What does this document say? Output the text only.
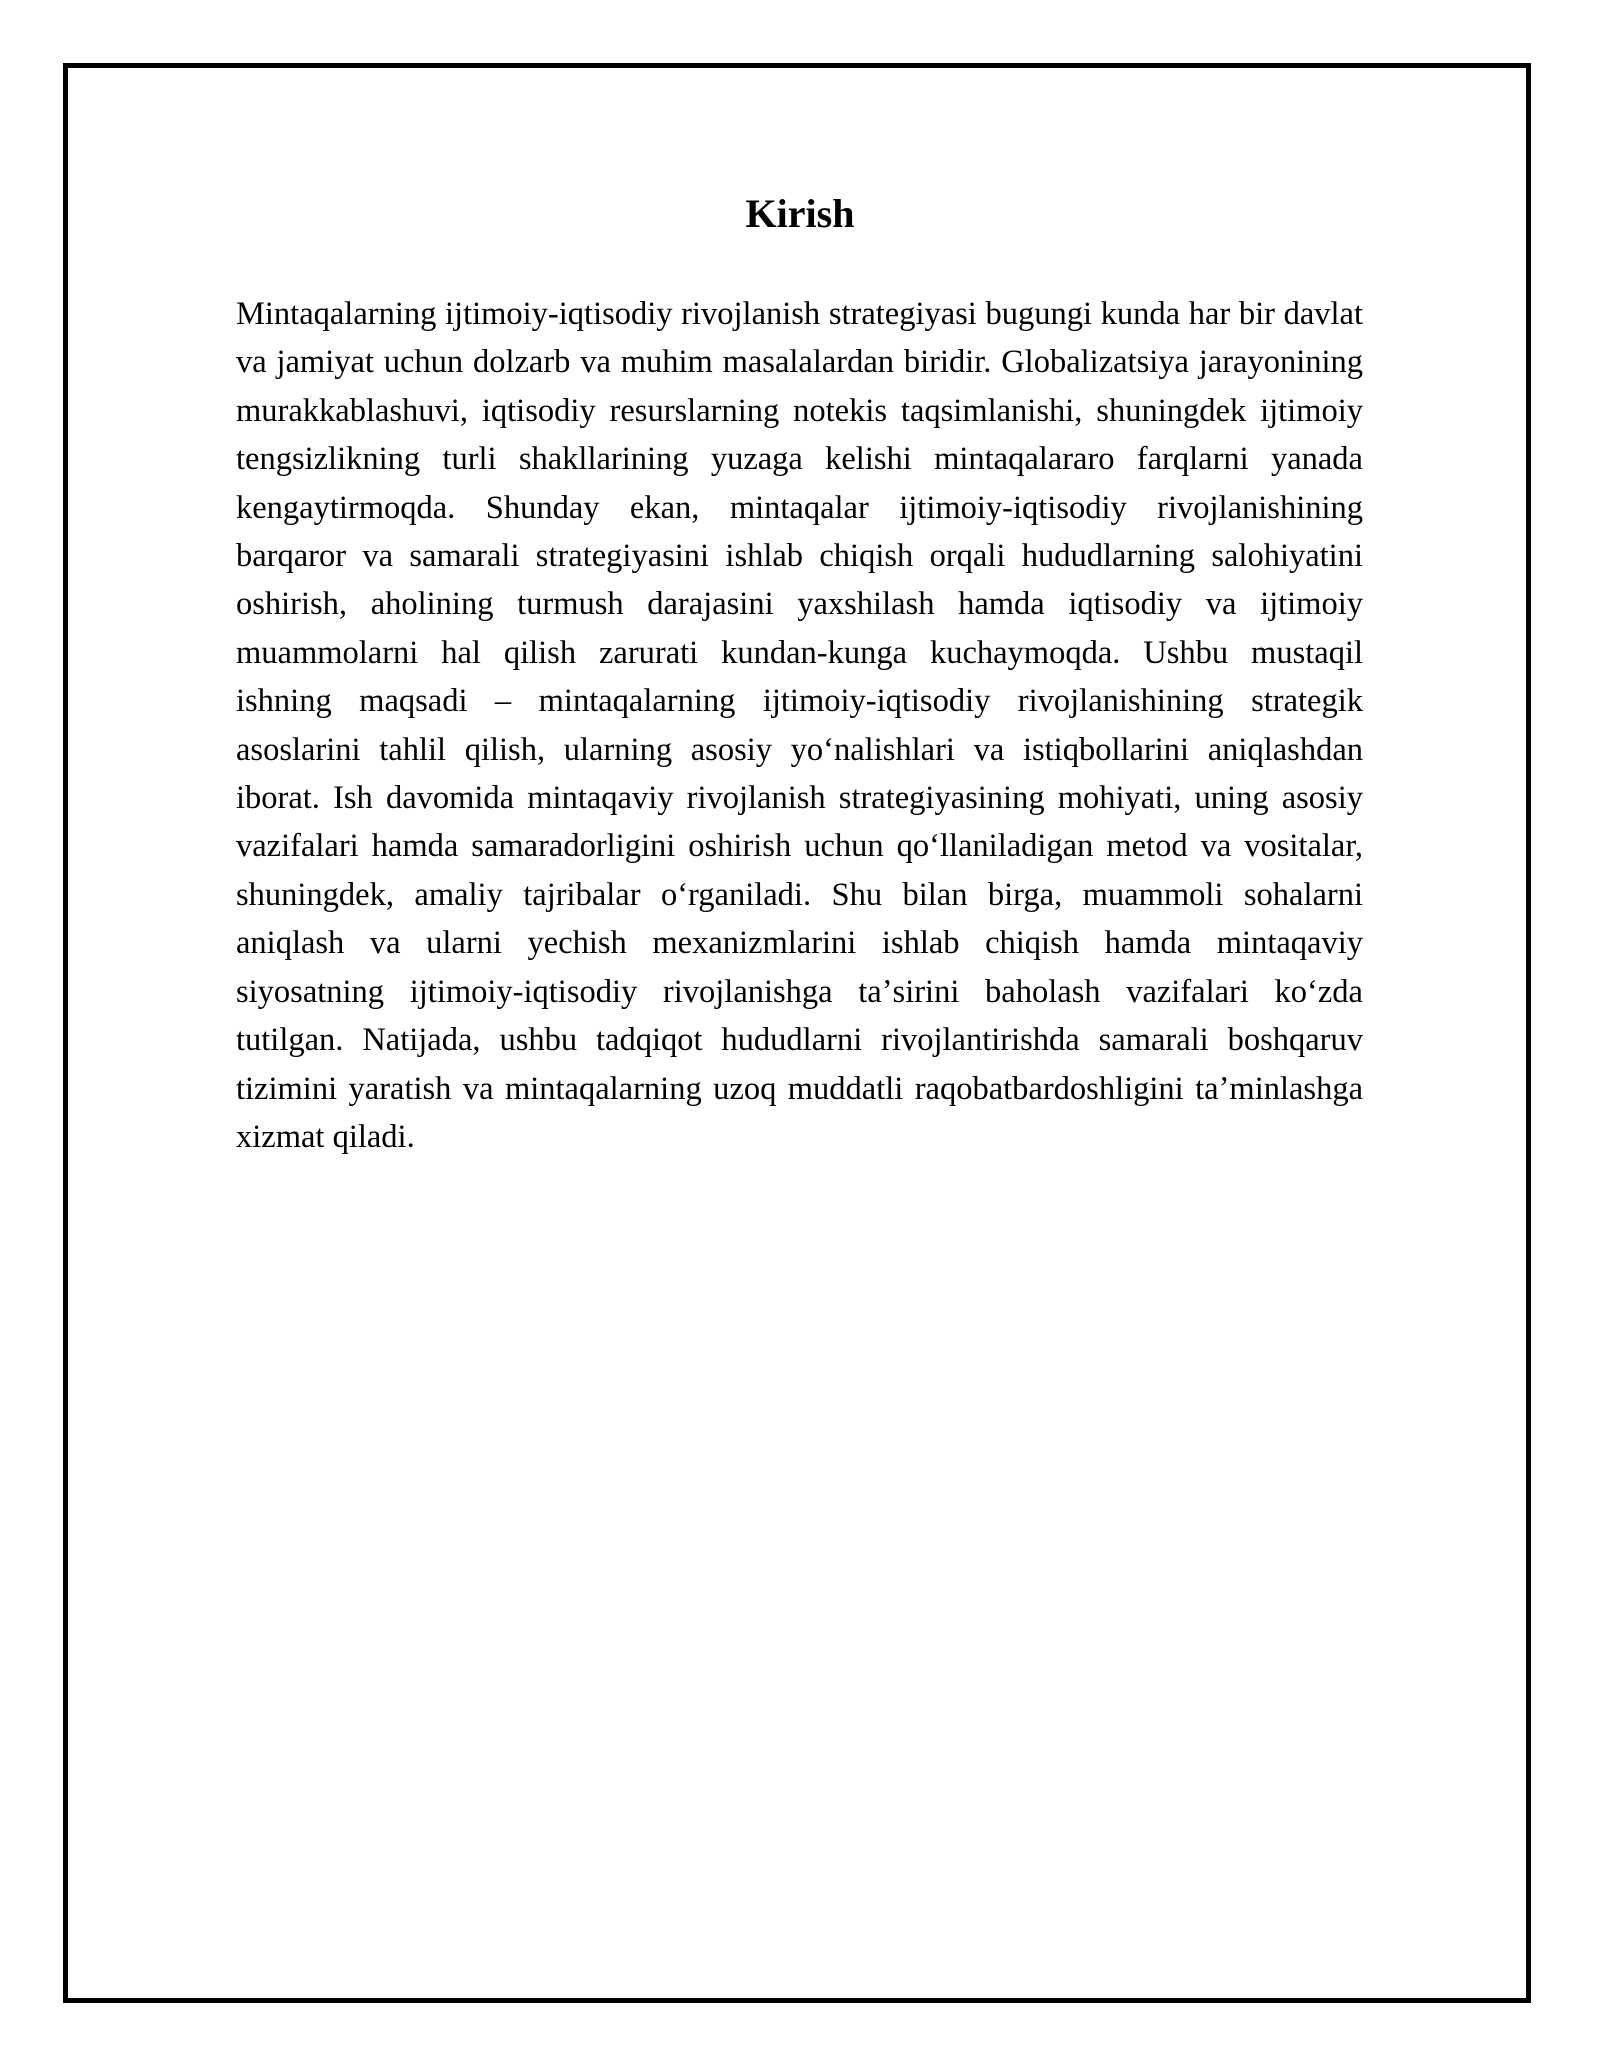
Kirish

Mintaqalarning ijtimoiy-iqtisodiy rivojlanish strategiyasi bugungi kunda har bir davlat va jamiyat uchun dolzarb va muhim masalalardan biridir. Globalizatsiya jarayonining murakkablashuvi, iqtisodiy resurslarning notekis taqsimlanishi, shuningdek ijtimoiy tengsizlikning turli shakllarining yuzaga kelishi mintaqalararo farqlarni yanada kengaytirmoqda. Shunday ekan, mintaqalar ijtimoiy-iqtisodiy rivojlanishining barqaror va samarali strategiyasini ishlab chiqish orqali hududlarning salohiyatini oshirish, aholining turmush darajasini yaxshilash hamda iqtisodiy va ijtimoiy muammolarni hal qilish zarurati kundan-kunga kuchaymoqda. Ushbu mustaqil ishning maqsadi – mintaqalarning ijtimoiy-iqtisodiy rivojlanishining strategik asoslarini tahlil qilish, ularning asosiy yoʻnalishlari va istiqbollarini aniqlashdan iborat. Ish davomida mintaqaviy rivojlanish strategiyasining mohiyati, uning asosiy vazifalari hamda samaradorligini oshirish uchun qoʻllaniladigan metod va vositalar, shuningdek, amaliy tajribalar oʻrganiladi. Shu bilan birga, muammoli sohalarni aniqlash va ularni yechish mexanizmlarini ishlab chiqish hamda mintaqaviy siyosatning ijtimoiy-iqtisodiy rivojlanishga taʼsirini baholash vazifalari koʻzda tutilgan. Natijada, ushbu tadqiqot hududlarni rivojlantirishda samarali boshqaruv tizimini yaratish va mintaqalarning uzoq muddatli raqobatbardoshligini taʼminlashga xizmat qiladi.
